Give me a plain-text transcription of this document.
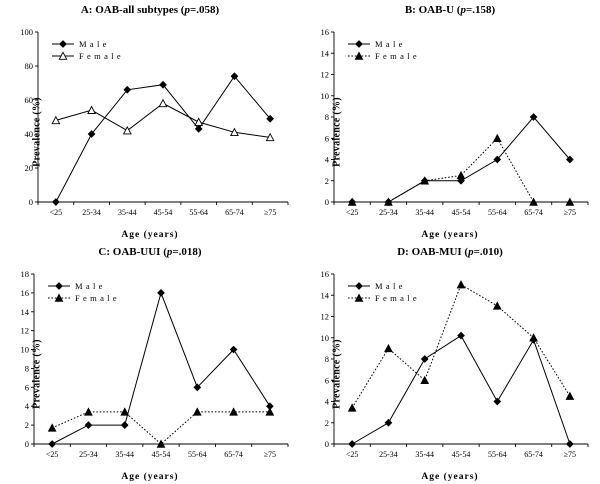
A: OAB-all subtypes (p=.058)
Prevalence (%)
Age (years)
0
20
40
60
80
100
<25	25-34 35-44 45-54 55-64 65-74	≥75
M a l e
F e m a l e
B: OAB-U (p=.158)
Prevalence (%)
Age (years)
0
2
4
6
8
10
12
14
16
<25	25-34 35-44 45-54 55-64 65-74	≥75
M a l e
F e m a l e
C: OAB-UUI (p=.018)
Prevalence (%)
Age (years)
0
2
4
6
8
10
12
14
16
18
<25	25-34 35-44 45-54 55-64 65-74	≥75
M a l e
F e m a l e
D: OAB-MUI (p=.010)
Prevalence (%)
Age (years)
0
2
4
6
8
10
12
14
16
<25	25-34 35-44 45-54 55-64 65-74	≥75
M a l e
F e m a l e
